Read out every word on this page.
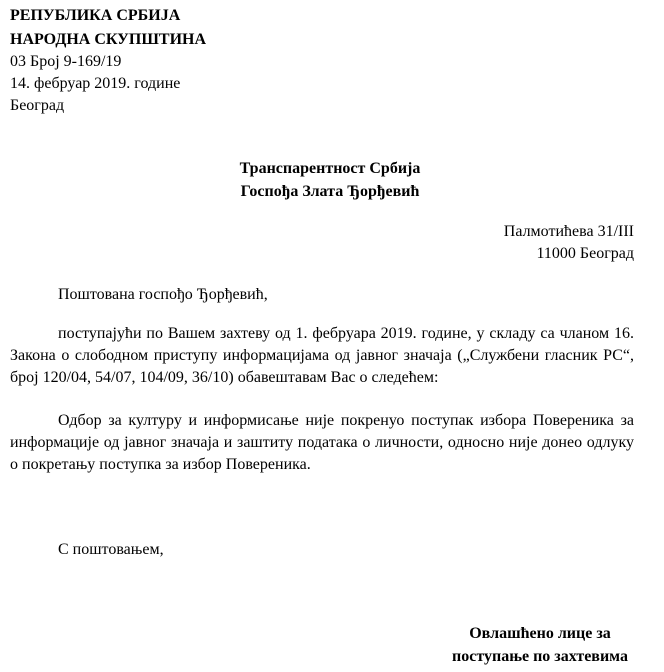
РЕПУБЛИКА СРБИЈА
НАРОДНА СКУПШТИНА
03 Број 9-169/19
14. фебруар 2019. године
Београд
Транспарентност Србија
Госпођа Злата Ђорђевић
Палмотићева 31/III
11000 Београд
Поштована госпођо Ђорђевић,
поступајући по Вашем захтеву од 1. фебруара 2019. године, у складу са чланом 16. Закона о слободном приступу информацијама од јавног значаја („Службени гласник РС“, број 120/04, 54/07, 104/09, 36/10) обавештавам Вас о следећем:
Одбор за културу и информисање није покренуо поступак избора Повереника за информације од јавног значаја и заштиту података о личности, односно није донео одлуку о покретању поступка за избор Повереника.
С поштовањем,
Овлашћено лице за
поступање по захтевима
